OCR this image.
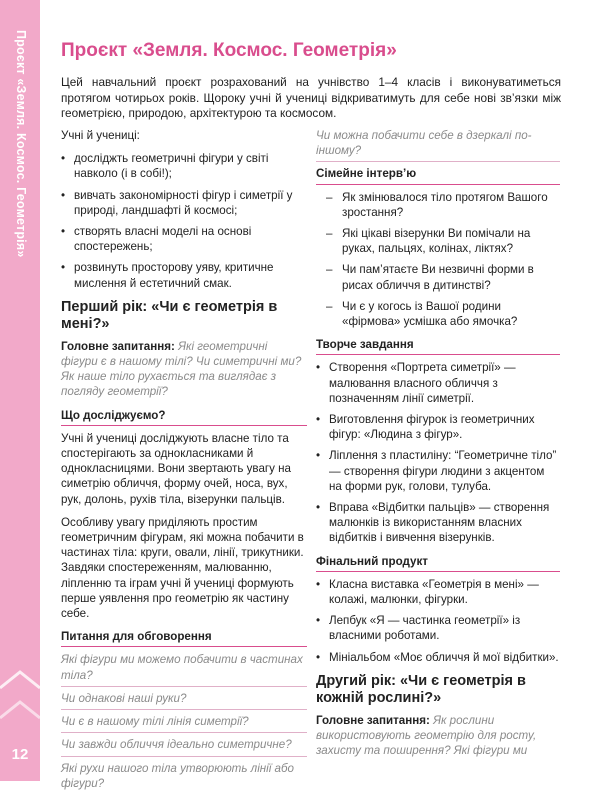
Проєкт «Земля. Космос. Геометрія»
12
Проєкт «Земля. Космос. Геометрія»
Цей навчальний проєкт розрахований на учнівство 1–4 класів і виконуватиметься протягом чотирьох років. Щороку учні й учениці відкриватимуть для себе нові зв’язки між геометрією, природою, архітектурою та космосом.

Учні й учениці:

• досліджть геометричні фігури у світі навколо (і в собі!);
• вивчать закономірності фігур і симетрії у природі, ландшафті й космосі;
• створять власні моделі на основі спостережень;
• розвинуть просторову уяву, критичне мислення й естетичний смак.
Перший рік: «Чи є геометрія в мені?»
Головне запитання: Які геометричні фігури є в нашому тілі? Чи симетричні ми? Як наше тіло рухається та виглядає з погляду геометрії?
Що досліджуємо?

Учні й учениці досліджують власне тіло та спостерігають за однокласниками й однокласницями. Вони звертають увагу на симетрію обличчя, форму очей, носа, вух, рук, долонь, рухів тіла, візерунки пальців.

Особливу увагу приділяють простим геометричним фігурам, які можна побачити в частинах тіла: круги, овали, лінії, трикутники. Завдяки спостереженням, малюванню, ліпленню та іграм учні й учениці формують перше уявлення про геометрію як частину себе.

Питання для обговорення
Які фігури ми можемо побачити в частинах тіла?
Чи однакові наші руки?
Чи є в нашому тілі лінія симетрії?
Чи завжди обличчя ідеально симетричне?
Які рухи нашого тіла утворюють лінії або фігури?
Чи можна побачити себе в дзеркалі по-іншому?
Сімейне інтерв’ю
– Як змінювалося тіло протягом Вашого зростання?
– Які цікаві візерунки Ви помічали на руках, пальцях, колінах, ліктях?
– Чи пам’ятаєте Ви незвичні форми в рисах обличчя в дитинстві?
– Чи є у когось із Вашої родини «фірмова» усмішка або ямочка?
Творче завдання
• Створення «Портрета симетрії» — малювання власного обличчя з позначенням лінії симетрії.
• Виготовлення фігурок із геометричних фігур: «Людина з фігур».
• Ліплення з пластиліну: “Геометричне тіло” — створення фігури людини з акцентом на форми рук, голови, тулуба.
• Вправа «Відбитки пальців» — створення малюнків із використанням власних відбитків і вивчення візерунків.
Фінальний продукт
• Класна виставка «Геометрія в мені» — колажі, малюнки, фігурки.
• Лепбук «Я — частинка геометрії» із власними роботами.
• Мініальбом «Моє обличчя й мої відбитки».
Другий рік: «Чи є геометрія в кожній рослині?»
Головне запитання: Як рослини використовують геометрію для росту, захисту та поширення? Які фігури ми
